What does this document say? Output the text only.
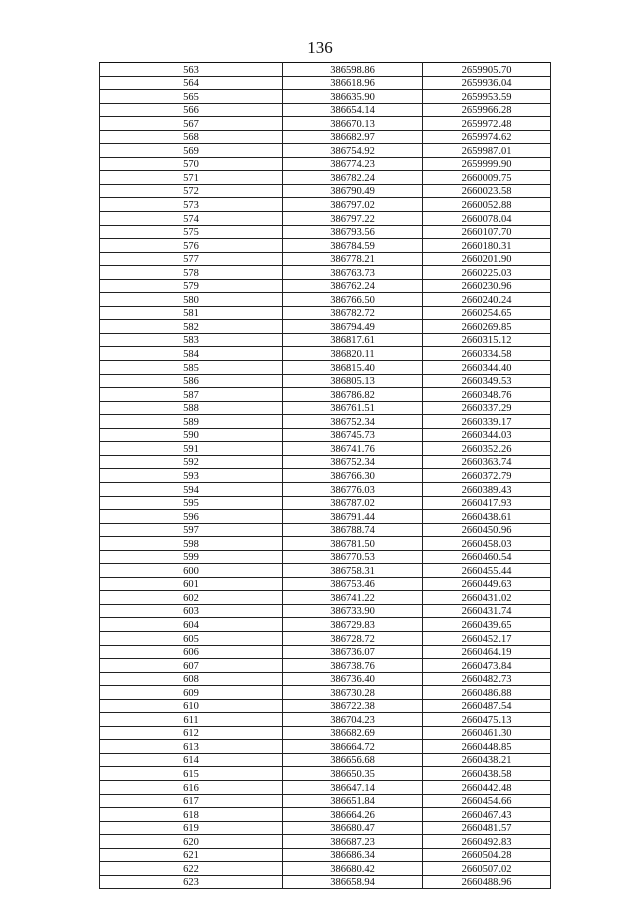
136
563	386598.86	2659905.70
564	386618.96	2659936.04
565	386635.90	2659953.59
566	386654.14	2659966.28
567	386670.13	2659972.48
568	386682.97	2659974.62
569	386754.92	2659987.01
570	386774.23	2659999.90
571	386782.24	2660009.75
572	386790.49	2660023.58
573	386797.02	2660052.88
574	386797.22	2660078.04
575	386793.56	2660107.70
576	386784.59	2660180.31
577	386778.21	2660201.90
578	386763.73	2660225.03
579	386762.24	2660230.96
580	386766.50	2660240.24
581	386782.72	2660254.65
582	386794.49	2660269.85
583	386817.61	2660315.12
584	386820.11	2660334.58
585	386815.40	2660344.40
586	386805.13	2660349.53
587	386786.82	2660348.76
588	386761.51	2660337.29
589	386752.34	2660339.17
590	386745.73	2660344.03
591	386741.76	2660352.26
592	386752.34	2660363.74
593	386766.30	2660372.79
594	386776.03	2660389.43
595	386787.02	2660417.93
596	386791.44	2660438.61
597	386788.74	2660450.96
598	386781.50	2660458.03
599	386770.53	2660460.54
600	386758.31	2660455.44
601	386753.46	2660449.63
602	386741.22	2660431.02
603	386733.90	2660431.74
604	386729.83	2660439.65
605	386728.72	2660452.17
606	386736.07	2660464.19
607	386738.76	2660473.84
608	386736.40	2660482.73
609	386730.28	2660486.88
610	386722.38	2660487.54
611	386704.23	2660475.13
612	386682.69	2660461.30
613	386664.72	2660448.85
614	386656.68	2660438.21
615	386650.35	2660438.58
616	386647.14	2660442.48
617	386651.84	2660454.66
618	386664.26	2660467.43
619	386680.47	2660481.57
620	386687.23	2660492.83
621	386686.34	2660504.28
622	386680.42	2660507.02
623	386658.94	2660488.96
